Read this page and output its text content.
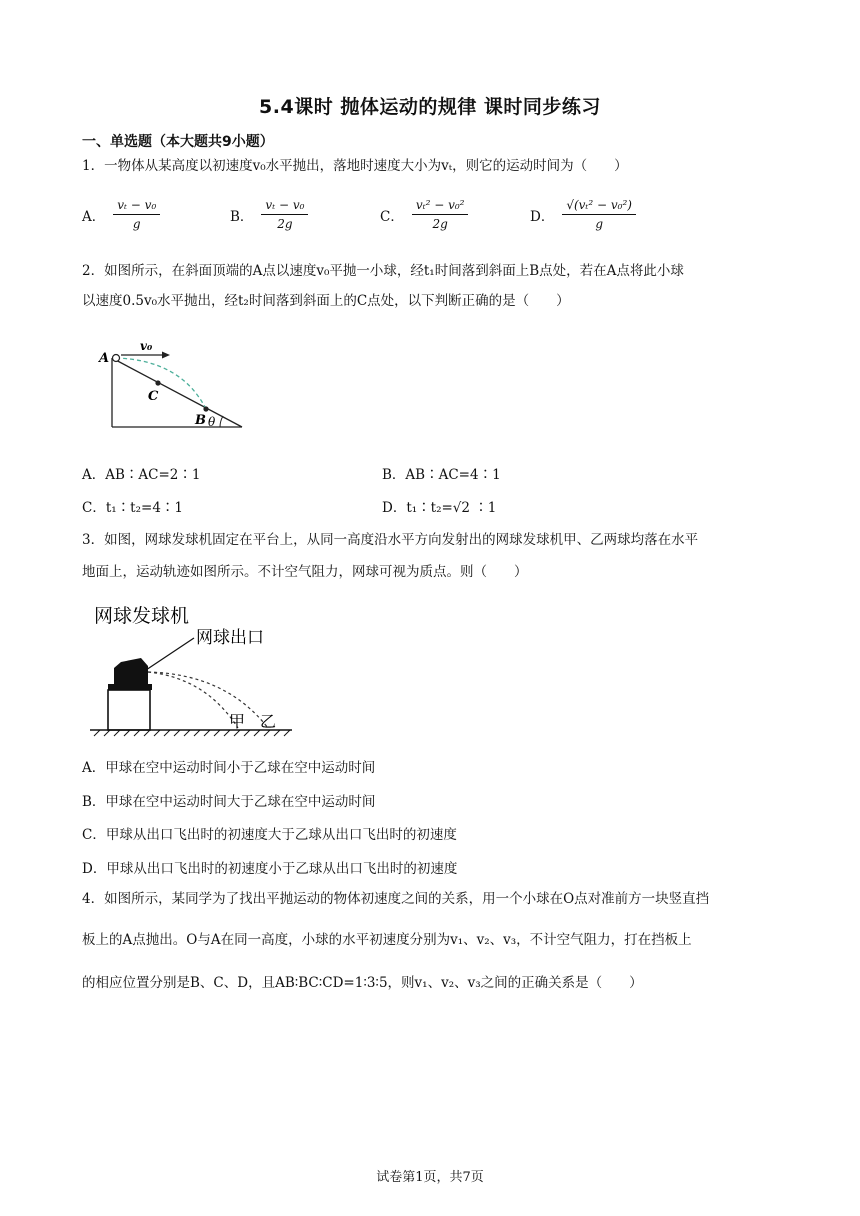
5.4课时 抛体运动的规律 课时同步练习
一、单选题（本大题共9小题）
1．一物体从某高度以初速度v₀水平抛出，落地时速度大小为vₜ，则它的运动时间为（　　）
A． $\frac{\text{vₜ − v₀}}{g}$	B． $\frac{\text{vₜ − v₀}}{2g}$	C． $\frac{\text{vₜ² − v₀²}}{2g}$	D． $\frac{\text{√(vₜ² − v₀²)}}{g}$
2．如图所示，在斜面顶端的A点以速度v₀平抛一小球，经t₁时间落到斜面上B点处，若在A点将此小球
以速度0.5v₀水平抛出，经t₂时间落到斜面上的C点处，以下判断正确的是（　　）
A
v₀
C
B θ
A．AB∶AC=2∶1	B．AB∶AC=4∶1
C．t₁∶t₂=4∶1	D．t₁∶t₂=√2 ∶1
3．如图，网球发球机固定在平台上，从同一高度沿水平方向发射出的网球发球机甲、乙两球均落在水平
地面上，运动轨迹如图所示。不计空气阻力，网球可视为质点。则（　　）
网球发球机
网球出口
甲 乙
A．甲球在空中运动时间小于乙球在空中运动时间
B．甲球在空中运动时间大于乙球在空中运动时间
C．甲球从出口飞出时的初速度大于乙球从出口飞出时的初速度
D．甲球从出口飞出时的初速度小于乙球从出口飞出时的初速度
4．如图所示，某同学为了找出平抛运动的物体初速度之间的关系，用一个小球在O点对准前方一块竖直挡
板上的A点抛出。O与A在同一高度，小球的水平初速度分别为v₁、v₂、v₃，不计空气阻力，打在挡板上
的相应位置分别是B、C、D，且AB∶BC∶CD=1∶3∶5，则v₁、v₂、v₃之间的正确关系是（　　）
试卷第1页，共7页
